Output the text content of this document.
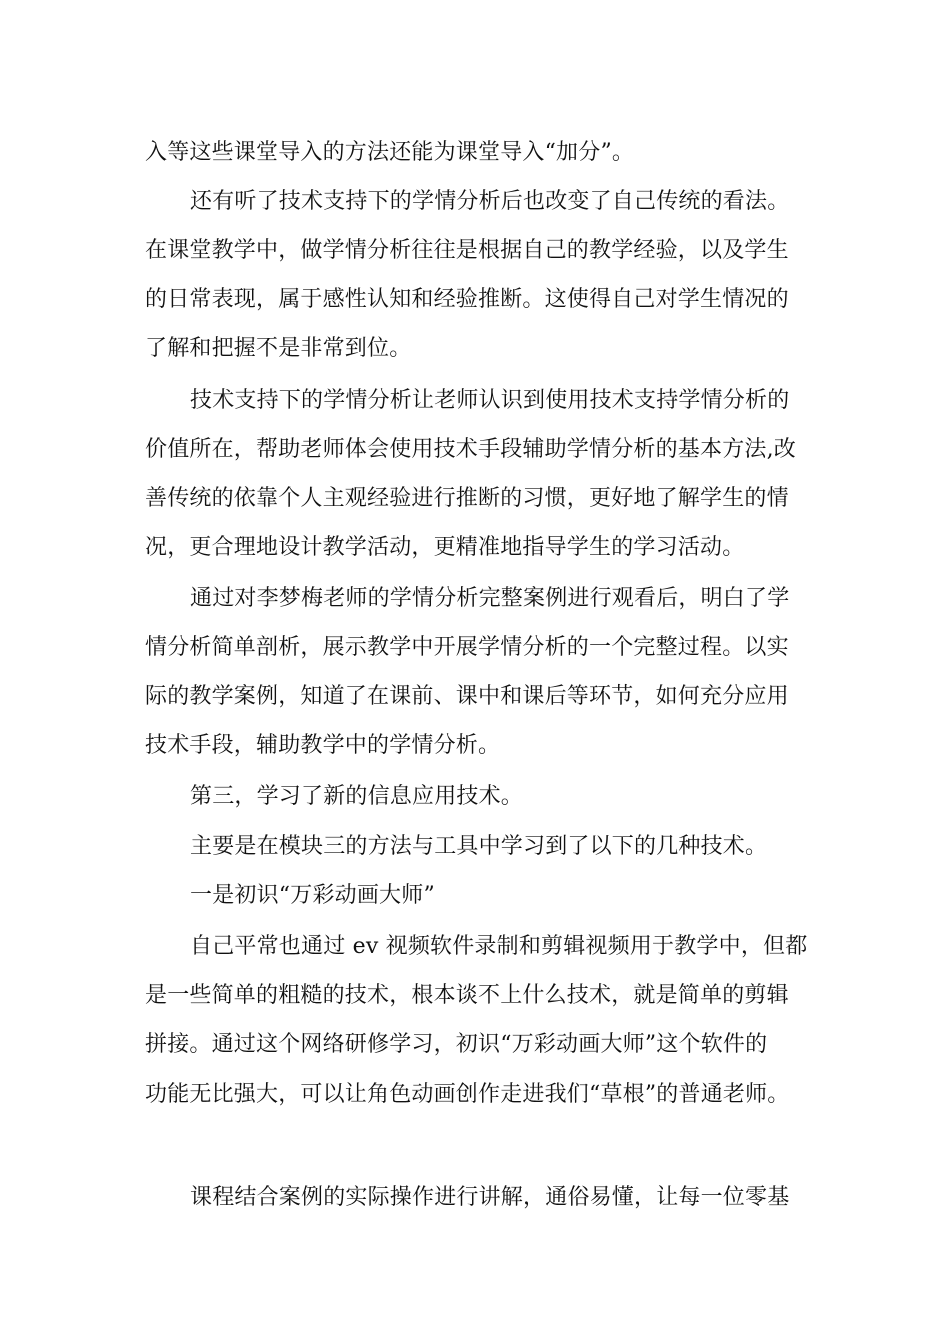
入等这些课堂导入的方法还能为课堂导入“加分”。
还有听了技术支持下的学情分析后也改变了自己传统的看法。
在课堂教学中，做学情分析往往是根据自己的教学经验，以及学生
的日常表现，属于感性认知和经验推断。这使得自己对学生情况的
了解和把握不是非常到位。
技术支持下的学情分析让老师认识到使用技术支持学情分析的
价值所在，帮助老师体会使用技术手段辅助学情分析的基本方法,改
善传统的依靠个人主观经验进行推断的习惯，更好地了解学生的情
况，更合理地设计教学活动，更精准地指导学生的学习活动。
通过对李梦梅老师的学情分析完整案例进行观看后，明白了学
情分析简单剖析，展示教学中开展学情分析的一个完整过程。以实
际的教学案例，知道了在课前、课中和课后等环节，如何充分应用
技术手段，辅助教学中的学情分析。
第三，学习了新的信息应用技术。
主要是在模块三的方法与工具中学习到了以下的几种技术。
一是初识“万彩动画大师”
自己平常也通过 ev 视频软件录制和剪辑视频用于教学中，但都
是一些简单的粗糙的技术，根本谈不上什么技术，就是简单的剪辑
拼接。通过这个网络研修学习，初识“万彩动画大师”这个软件的
功能无比强大，可以让角色动画创作走进我们“草根”的普通老师。
课程结合案例的实际操作进行讲解，通俗易懂，让每一位零基
